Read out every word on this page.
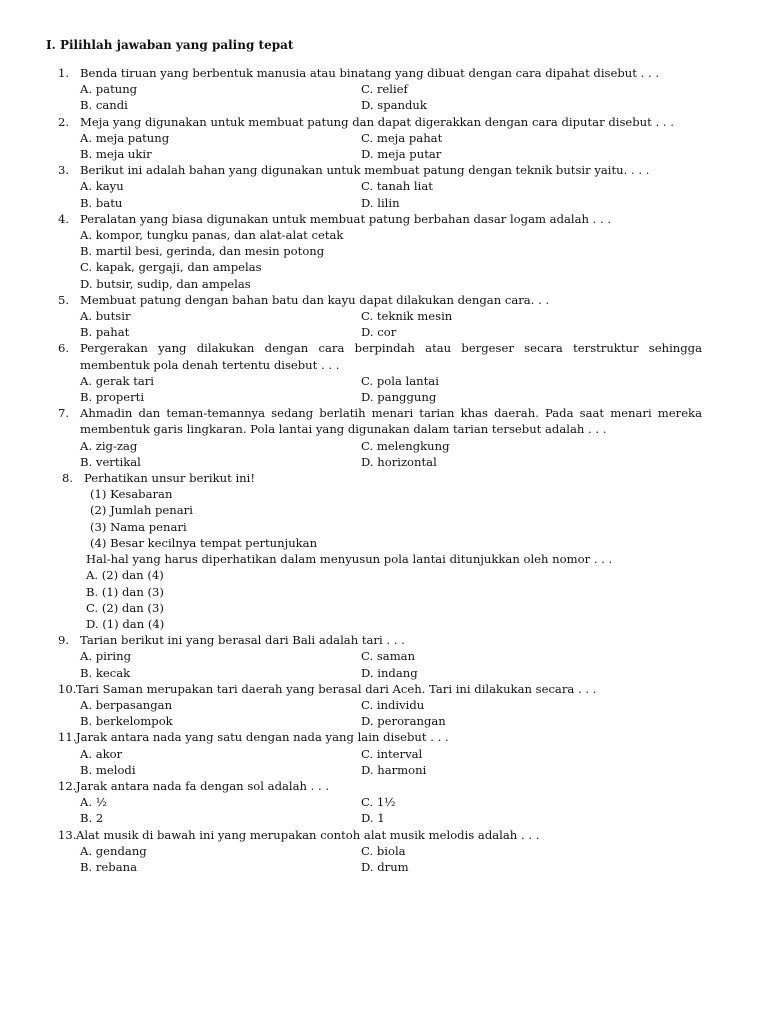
I. Pilihlah jawaban yang paling tepat
1. Benda tiruan yang berbentuk manusia atau binatang yang dibuat dengan cara dipahat disebut . . .
A. patung	C. relief
B. candi	D. spanduk
2. Meja yang digunakan untuk membuat patung dan dapat digerakkan dengan cara diputar disebut . . .
A. meja patung	C. meja pahat
B. meja ukir	D. meja putar
3. Berikut ini adalah bahan yang digunakan untuk membuat patung dengan teknik butsir yaitu. . . .
A. kayu	C. tanah liat
B. batu	D. lilin
4. Peralatan yang biasa digunakan untuk membuat patung berbahan dasar logam adalah . . .
A. kompor, tungku panas, dan alat-alat cetak
B. martil besi, gerinda, dan mesin potong
C. kapak, gergaji, dan ampelas
D. butsir, sudip, dan ampelas
5. Membuat patung dengan bahan batu dan kayu dapat dilakukan dengan cara. . .
A. butsir	C. teknik mesin
B. pahat	D. cor
6. Pergerakan yang dilakukan dengan cara berpindah atau bergeser secara terstruktur sehingga membentuk pola denah tertentu disebut . . .
A. gerak tari	C. pola lantai
B. properti	D. panggung
7. Ahmadin dan teman-temannya sedang berlatih menari tarian khas daerah. Pada saat menari mereka membentuk garis lingkaran. Pola lantai yang digunakan dalam tarian tersebut adalah . . .
A. zig-zag	C. melengkung
B. vertikal	D. horizontal
8. Perhatikan unsur berikut ini!
(1) Kesabaran
(2) Jumlah penari
(3) Nama penari
(4) Besar kecilnya tempat pertunjukan
Hal-hal yang harus diperhatikan dalam menyusun pola lantai ditunjukkan oleh nomor . . .
A. (2) dan (4)
B. (1) dan (3)
C. (2) dan (3)
D. (1) dan (4)
9. Tarian berikut ini yang berasal dari Bali adalah tari . . .
A. piring	C. saman
B. kecak	D. indang
10. Tari Saman merupakan tari daerah yang berasal dari Aceh. Tari ini dilakukan secara . . .
A. berpasangan	C. individu
B. berkelompok	D. perorangan
11. Jarak antara nada yang satu dengan nada yang lain disebut . . .
A. akor	C. interval
B. melodi	D. harmoni
12. Jarak antara nada fa dengan sol adalah . . .
A. ½	C. 1½
B. 2	D. 1
13. Alat musik di bawah ini yang merupakan contoh alat musik melodis adalah . . .
A. gendang	C. biola
B. rebana	D. drum
